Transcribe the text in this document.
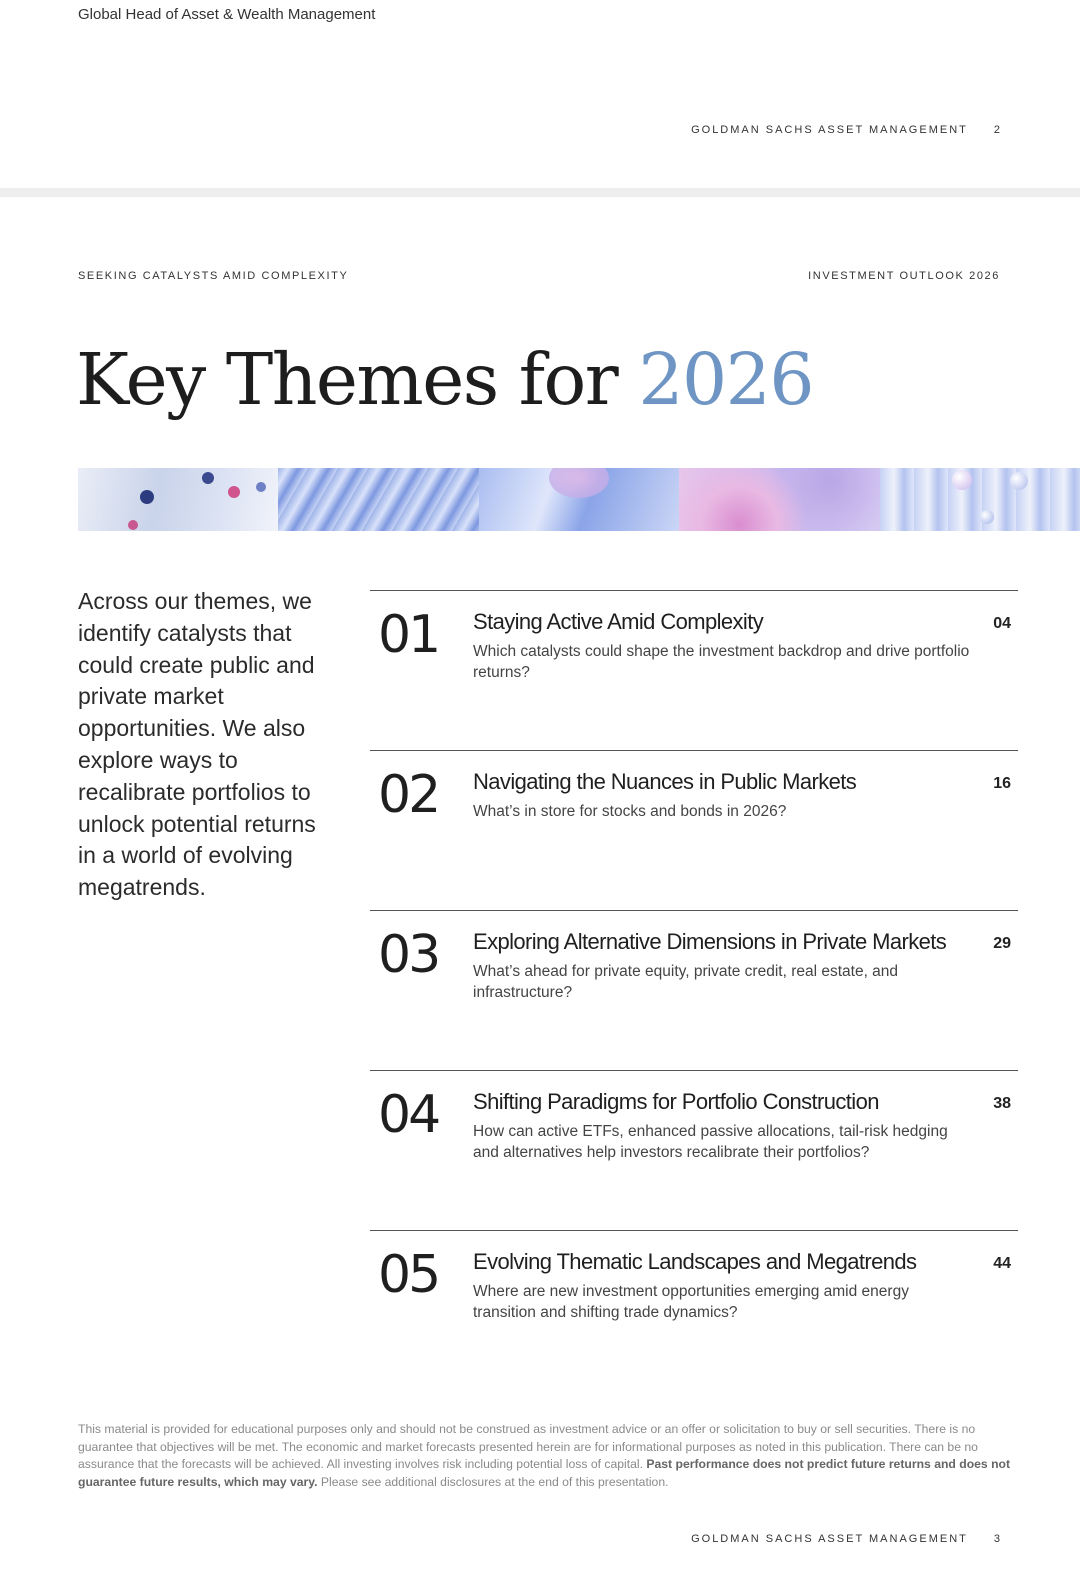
Global Head of Asset & Wealth Management
GOLDMAN SACHS ASSET MANAGEMENT 2
SEEKING CATALYSTS AMID COMPLEXITY	INVESTMENT OUTLOOK 2026
Key Themes for 2026

Across our themes, we identify catalysts that could create public and private market opportunities. We also explore ways to recalibrate portfolios to unlock potential returns in a world of evolving megatrends.

01 Staying Active Amid Complexity
Which catalysts could shape the investment backdrop and drive portfolio returns?
04
02 Navigating the Nuances in Public Markets
What’s in store for stocks and bonds in 2026?
16
03 Exploring Alternative Dimensions in Private Markets
What’s ahead for private equity, private credit, real estate, and infrastructure?
29
04 Shifting Paradigms for Portfolio Construction
How can active ETFs, enhanced passive allocations, tail-risk hedging and alternatives help investors recalibrate their portfolios?
38
05 Evolving Thematic Landscapes and Megatrends
Where are new investment opportunities emerging amid energy transition and shifting trade dynamics?
44

This material is provided for educational purposes only and should not be construed as investment advice or an offer or solicitation to buy or sell securities. There is no guarantee that objectives will be met. The economic and market forecasts presented herein are for informational purposes as noted in this publication. There can be no assurance that the forecasts will be achieved. All investing involves risk including potential loss of capital. Past performance does not predict future returns and does not guarantee future results, which may vary. Please see additional disclosures at the end of this presentation.

GOLDMAN SACHS ASSET MANAGEMENT 3
